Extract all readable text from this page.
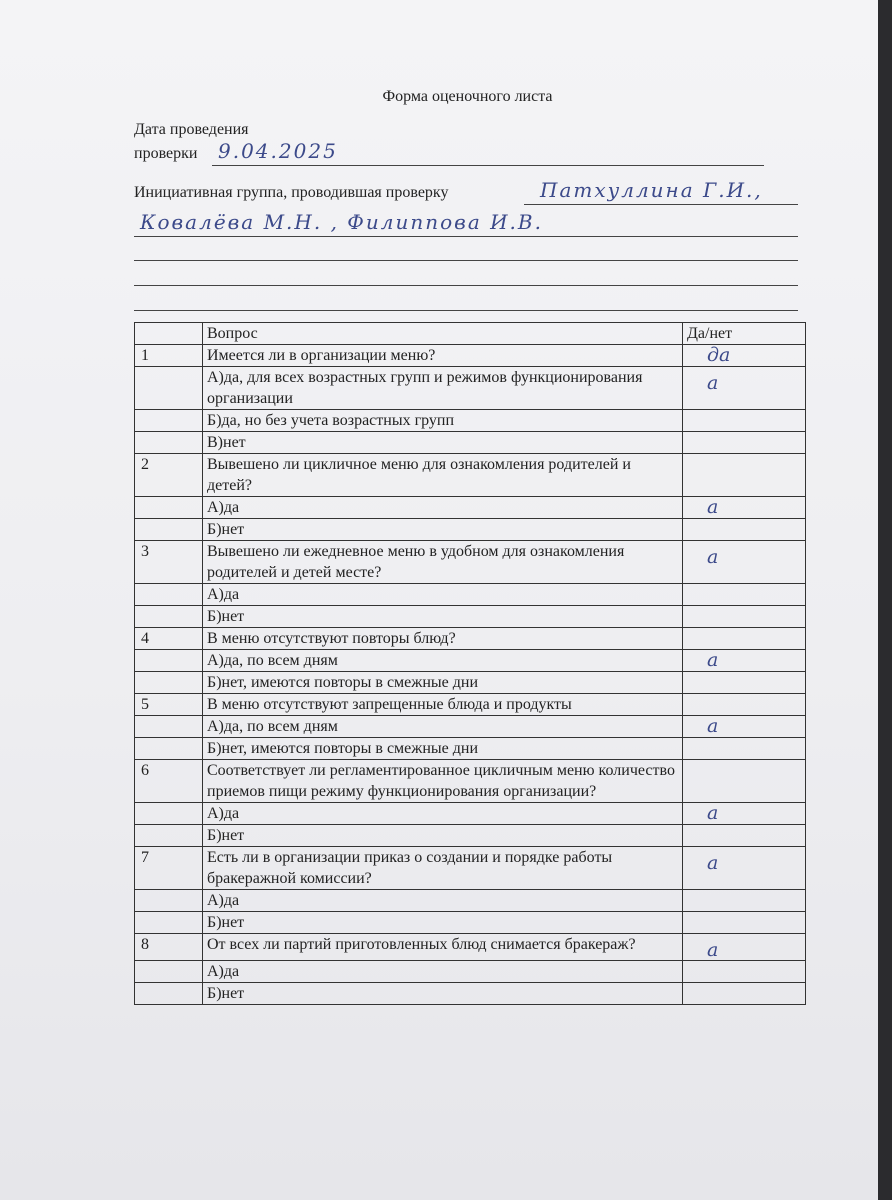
Форма оценочного листа
Дата проведения
проверки 9.04.2025
Инициативная группа, проводившая проверку	Патхуллина Г.И.,
Ковалёва М.Н. , Филиппова И.В.
	Вопрос	Да/нет
1	Имеется ли в организации меню?	да

	А)да, для всех возрастных групп и режимов функционирования организации	а

	Б)да, но без учета возрастных групп	

	В)нет	

2	Вывешено ли цикличное меню для ознакомления родителей и детей?	

	А)да	а

	Б)нет	

3	Вывешено ли ежедневное меню в удобном для ознакомления родителей и детей месте?	а

	А)да	

	Б)нет	

4	В меню отсутствуют повторы блюд?	

	А)да, по всем дням	а

	Б)нет, имеются повторы в смежные дни	

5	В меню отсутствуют запрещенные блюда и продукты	

	А)да, по всем дням	а

	Б)нет, имеются повторы в смежные дни	

6	Соответствует ли регламентированное цикличным меню количество приемов пищи режиму функционирования организации?	

	А)да	а

	Б)нет	

7	Есть ли в организации приказ о создании и порядке работы бракеражной комиссии?	а

	А)да	

	Б)нет	

8	От всех ли партий приготовленных блюд снимается бракераж?	а

	А)да	

	Б)нет	
